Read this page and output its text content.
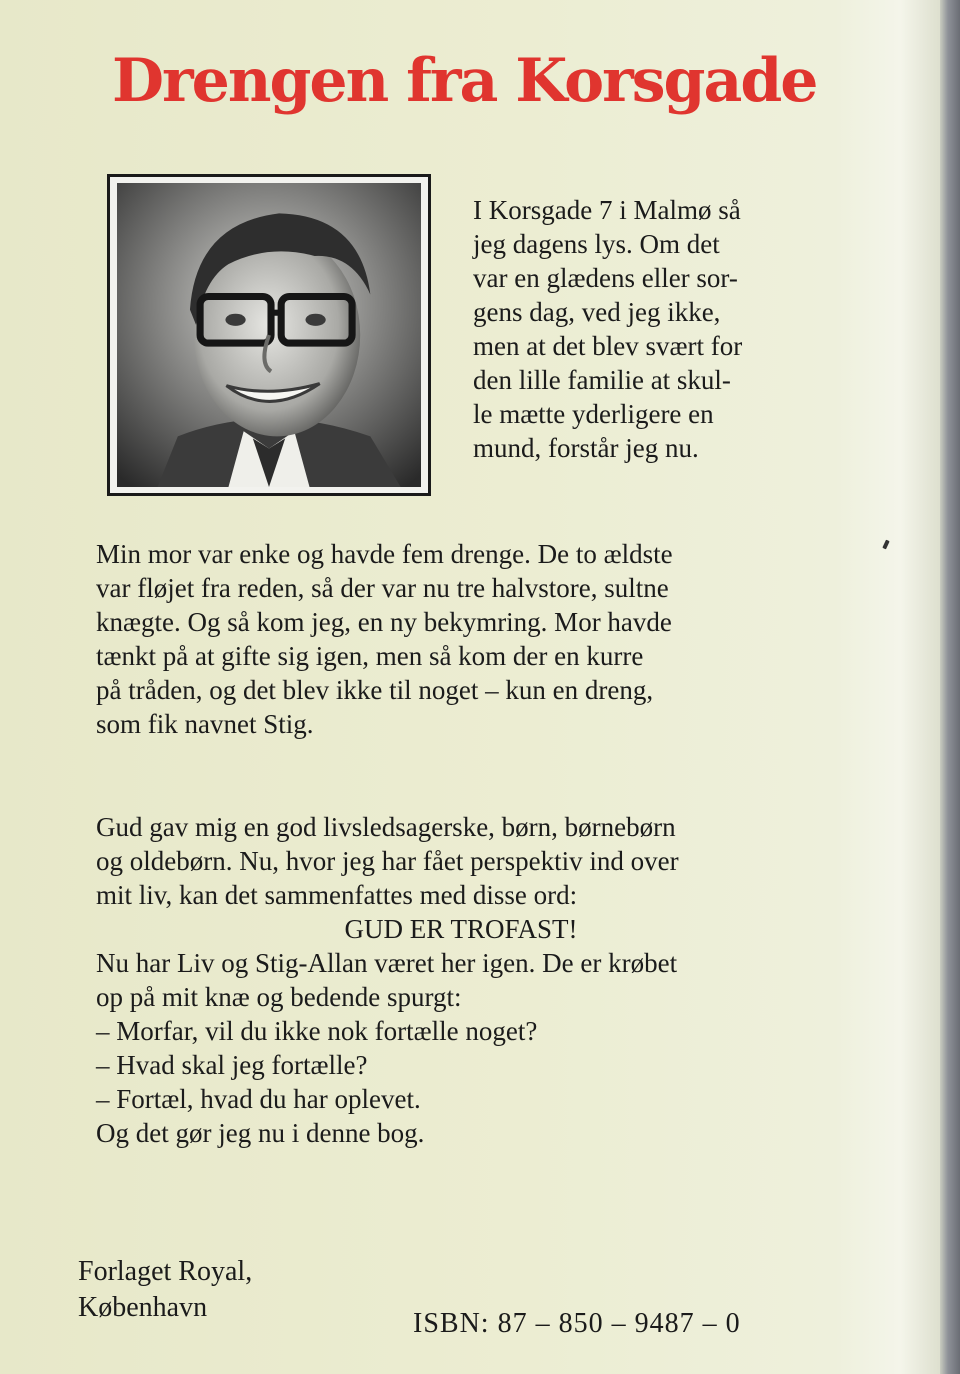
Drengen fra Korsgade

I Korsgade 7 i Malmø så
jeg dagens lys. Om det
var en glædens eller sor-
gens dag, ved jeg ikke,
men at det blev svært for
den lille familie at skul-
le mætte yderligere en
mund, forstår jeg nu.

Min mor var enke og havde fem drenge. De to ældste
var fløjet fra reden, så der var nu tre halvstore, sultne
knægte. Og så kom jeg, en ny bekymring. Mor havde
tænkt på at gifte sig igen, men så kom der en kurre
på tråden, og det blev ikke til noget – kun en dreng,
som fik navnet Stig.

Gud gav mig en god livsledsagerske, børn, børnebørn
og oldebørn. Nu, hvor jeg har fået perspektiv ind over
mit liv, kan det sammenfattes med disse ord:
GUD ER TROFAST!
Nu har Liv og Stig-Allan været her igen. De er krøbet
op på mit knæ og bedende spurgt:
– Morfar, vil du ikke nok fortælle noget?
– Hvad skal jeg fortælle?
– Fortæl, hvad du har oplevet.
Og det gør jeg nu i denne bog.

Forlaget Royal,
København

ISBN: 87 – 850 – 9487 – 0
